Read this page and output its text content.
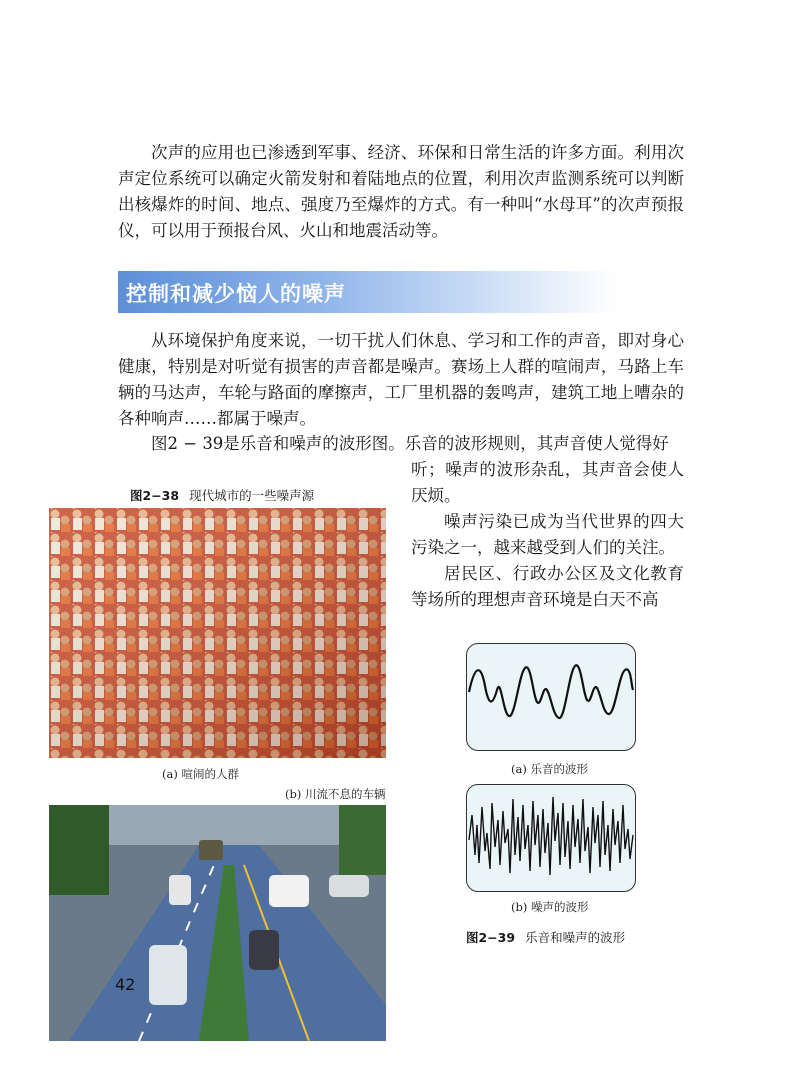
次声的应用也已渗透到军事、经济、环保和日常生活的许多方面。利用次声定位系统可以确定火箭发射和着陆地点的位置，利用次声监测系统可以判断出核爆炸的时间、地点、强度乃至爆炸的方式。有一种叫“水母耳”的次声预报仪，可以用于预报台风、火山和地震活动等。

控制和减少恼人的噪声

从环境保护角度来说，一切干扰人们休息、学习和工作的声音，即对身心健康，特别是对听觉有损害的声音都是噪声。赛场上人群的喧闹声，马路上车辆的马达声，车轮与路面的摩擦声，工厂里机器的轰鸣声，建筑工地上嘈杂的各种响声……都属于噪声。

图2 − 39是乐音和噪声的波形图。乐音的波形规则，其声音使人觉得好

听；噪声的波形杂乱，其声音会使人厌烦。

噪声污染已成为当代世界的四大污染之一，越来越受到人们的关注。

居民区、行政办公区及文化教育等场所的理想声音环境是白天不高

图2−38 现代城市的一些噪声源
(a) 喧闹的人群
(b) 川流不息的车辆
42
(a) 乐音的波形
(b) 噪声的波形
图2−39 乐音和噪声的波形
